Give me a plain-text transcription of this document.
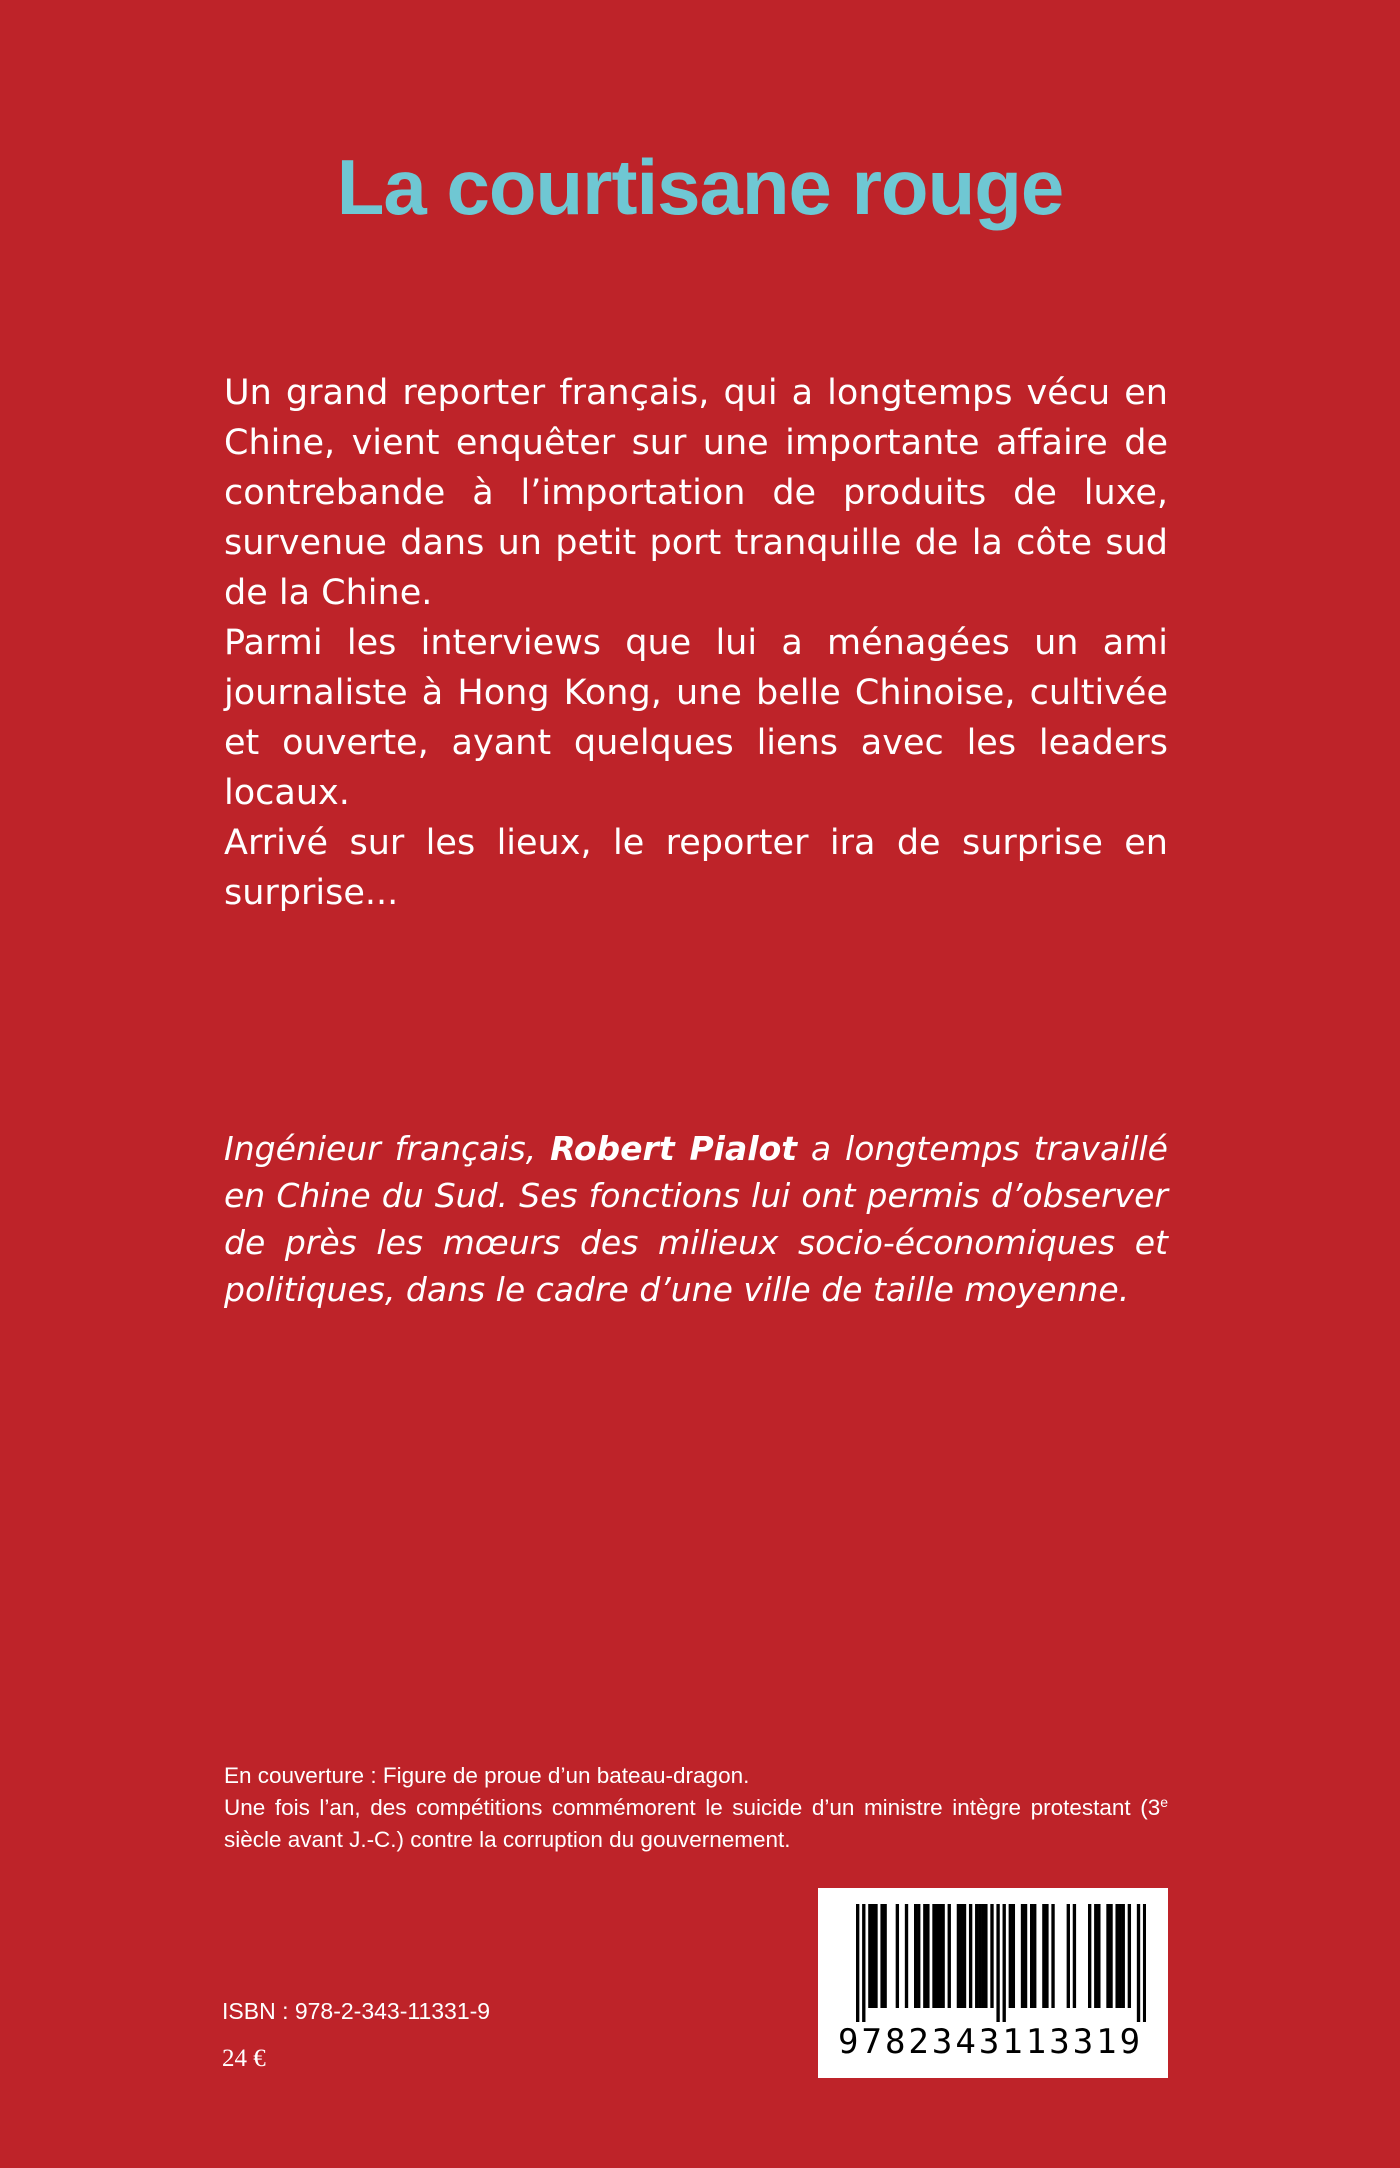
La courtisane rouge

Un grand reporter français, qui a longtemps vécu en Chine, vient enquêter sur une importante affaire de contrebande à l’importation de produits de luxe, survenue dans un petit port tranquille de la côte sud de la Chine.

Parmi les interviews que lui a ménagées un ami journaliste à Hong Kong, une belle Chinoise, cultivée et ouverte, ayant quelques liens avec les leaders locaux.

Arrivé sur les lieux, le reporter ira de surprise en surprise...

Ingénieur français, Robert Pialot a longtemps travaillé en Chine du Sud. Ses fonctions lui ont permis d’observer de près les mœurs des milieux socio-économiques et politiques, dans le cadre d’une ville de taille moyenne.

En couverture : Figure de proue d’un bateau-dragon.

Une fois l’an, des compétitions commémorent le suicide d’un ministre intègre protestant (3e siècle avant J.-C.) contre la corruption du gouvernement.

ISBN : 978-2-343-11331-9
24 €	9782343113319
